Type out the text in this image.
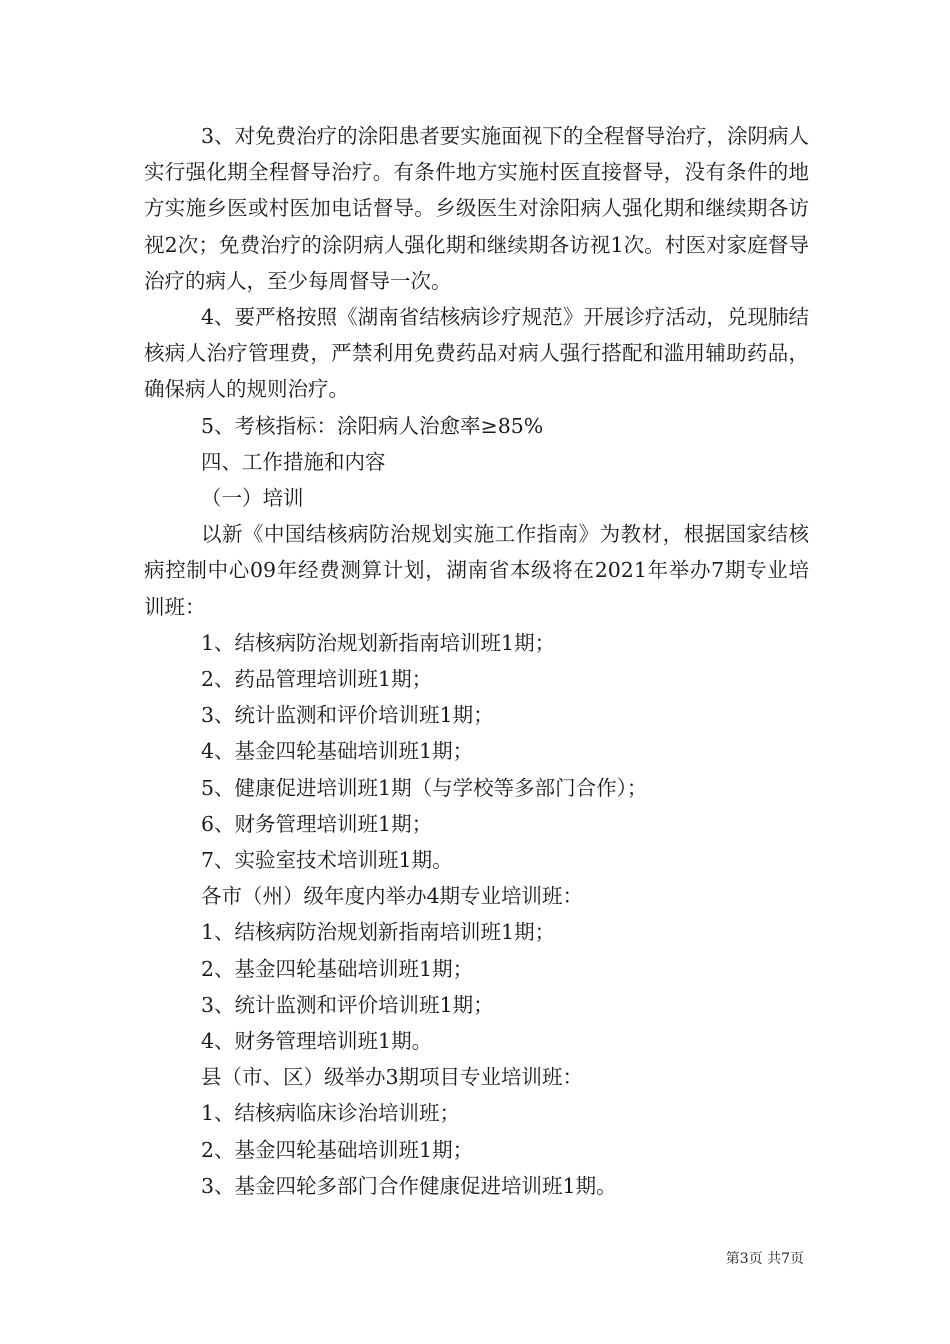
3、对免费治疗的涂阳患者要实施面视下的全程督导治疗，涂阴病人实行强化期全程督导治疗。有条件地方实施村医直接督导，没有条件的地方实施乡医或村医加电话督导。乡级医生对涂阳病人强化期和继续期各访视2次；免费治疗的涂阴病人强化期和继续期各访视1次。村医对家庭督导治疗的病人，至少每周督导一次。

4、要严格按照《湖南省结核病诊疗规范》开展诊疗活动，兑现肺结核病人治疗管理费，严禁利用免费药品对病人强行搭配和滥用辅助药品，确保病人的规则治疗。

5、考核指标：涂阳病人治愈率≥85%

四、工作措施和内容

（一）培训

以新《中国结核病防治规划实施工作指南》为教材，根据国家结核病控制中心09年经费测算计划，湖南省本级将在2021年举办7期专业培训班：

1、结核病防治规划新指南培训班1期；

2、药品管理培训班1期；

3、统计监测和评价培训班1期；

4、基金四轮基础培训班1期；

5、健康促进培训班1期（与学校等多部门合作）；

6、财务管理培训班1期；

7、实验室技术培训班1期。

各市（州）级年度内举办4期专业培训班：

1、结核病防治规划新指南培训班1期；

2、基金四轮基础培训班1期；

3、统计监测和评价培训班1期；

4、财务管理培训班1期。

县（市、区）级举办3期项目专业培训班：

1、结核病临床诊治培训班；

2、基金四轮基础培训班1期；

3、基金四轮多部门合作健康促进培训班1期。

第3页 共7页
